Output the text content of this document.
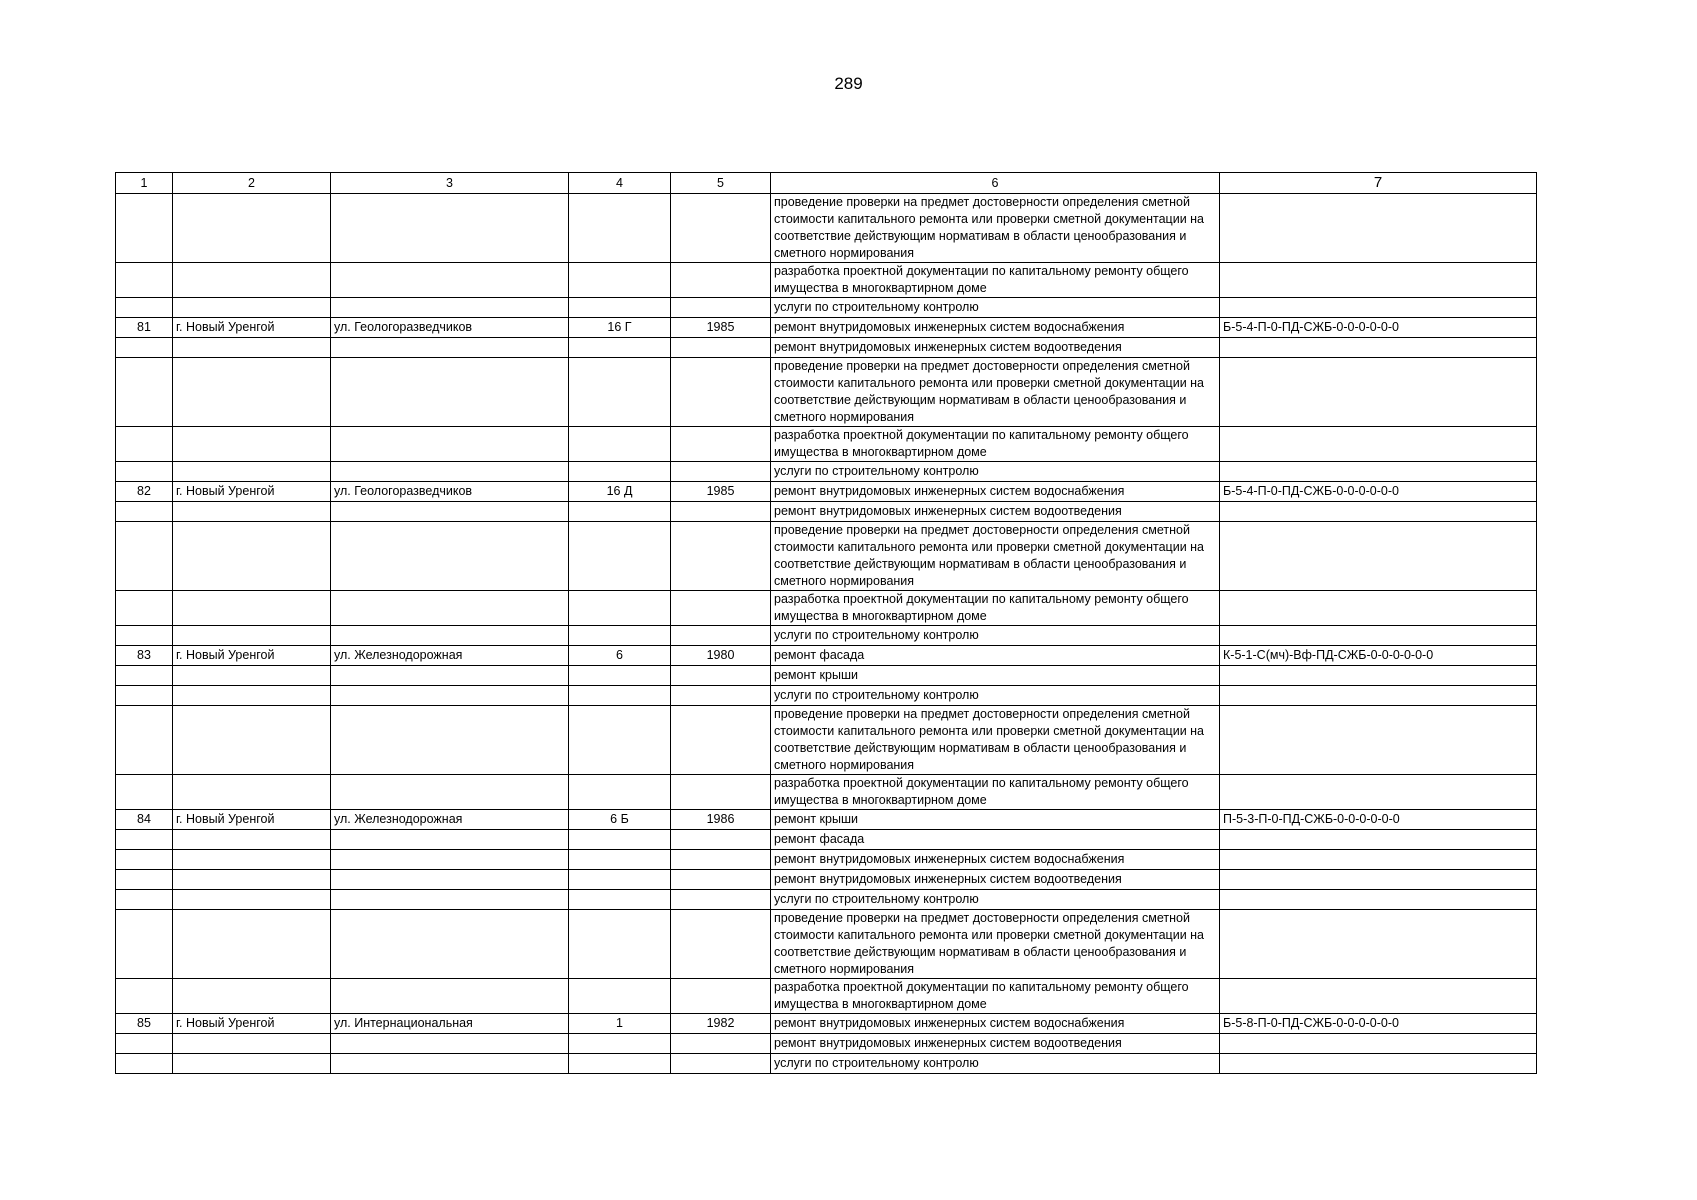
289
1	2	3	4	5	6	7
					проведение проверки на предмет достоверности определения сметной стоимости капитального ремонта или проверки сметной документации на соответствие действующим нормативам в области ценообразования и сметного нормирования	
					разработка проектной документации по капитальному ремонту общего имущества в многоквартирном доме	
					услуги по строительному контролю	
81	г. Новый Уренгой	ул. Геологоразведчиков	16 Г	1985	ремонт внутридомовых инженерных систем водоснабжения	Б-5-4-П-0-ПД-СЖБ-0-0-0-0-0-0
					ремонт внутридомовых инженерных систем водоотведения	
					проведение проверки на предмет достоверности определения сметной стоимости капитального ремонта или проверки сметной документации на соответствие действующим нормативам в области ценообразования и сметного нормирования	
					разработка проектной документации по капитальному ремонту общего имущества в многоквартирном доме	
					услуги по строительному контролю	
82	г. Новый Уренгой	ул. Геологоразведчиков	16 Д	1985	ремонт внутридомовых инженерных систем водоснабжения	Б-5-4-П-0-ПД-СЖБ-0-0-0-0-0-0
					ремонт внутридомовых инженерных систем водоотведения	
					проведение проверки на предмет достоверности определения сметной стоимости капитального ремонта или проверки сметной документации на соответствие действующим нормативам в области ценообразования и сметного нормирования	
					разработка проектной документации по капитальному ремонту общего имущества в многоквартирном доме	
					услуги по строительному контролю	
83	г. Новый Уренгой	ул. Железнодорожная	6	1980	ремонт фасада	К-5-1-С(мч)-Вф-ПД-СЖБ-0-0-0-0-0-0
					ремонт крыши	
					услуги по строительному контролю	
					проведение проверки на предмет достоверности определения сметной стоимости капитального ремонта или проверки сметной документации на соответствие действующим нормативам в области ценообразования и сметного нормирования	
					разработка проектной документации по капитальному ремонту общего имущества в многоквартирном доме	
84	г. Новый Уренгой	ул. Железнодорожная	6 Б	1986	ремонт крыши	П-5-3-П-0-ПД-СЖБ-0-0-0-0-0-0
					ремонт фасада	
					ремонт внутридомовых инженерных систем водоснабжения	
					ремонт внутридомовых инженерных систем водоотведения	
					услуги по строительному контролю	
					проведение проверки на предмет достоверности определения сметной стоимости капитального ремонта или проверки сметной документации на соответствие действующим нормативам в области ценообразования и сметного нормирования	
					разработка проектной документации по капитальному ремонту общего имущества в многоквартирном доме	
85	г. Новый Уренгой	ул. Интернациональная	1	1982	ремонт внутридомовых инженерных систем водоснабжения	Б-5-8-П-0-ПД-СЖБ-0-0-0-0-0-0
					ремонт внутридомовых инженерных систем водоотведения	
					услуги по строительному контролю	
